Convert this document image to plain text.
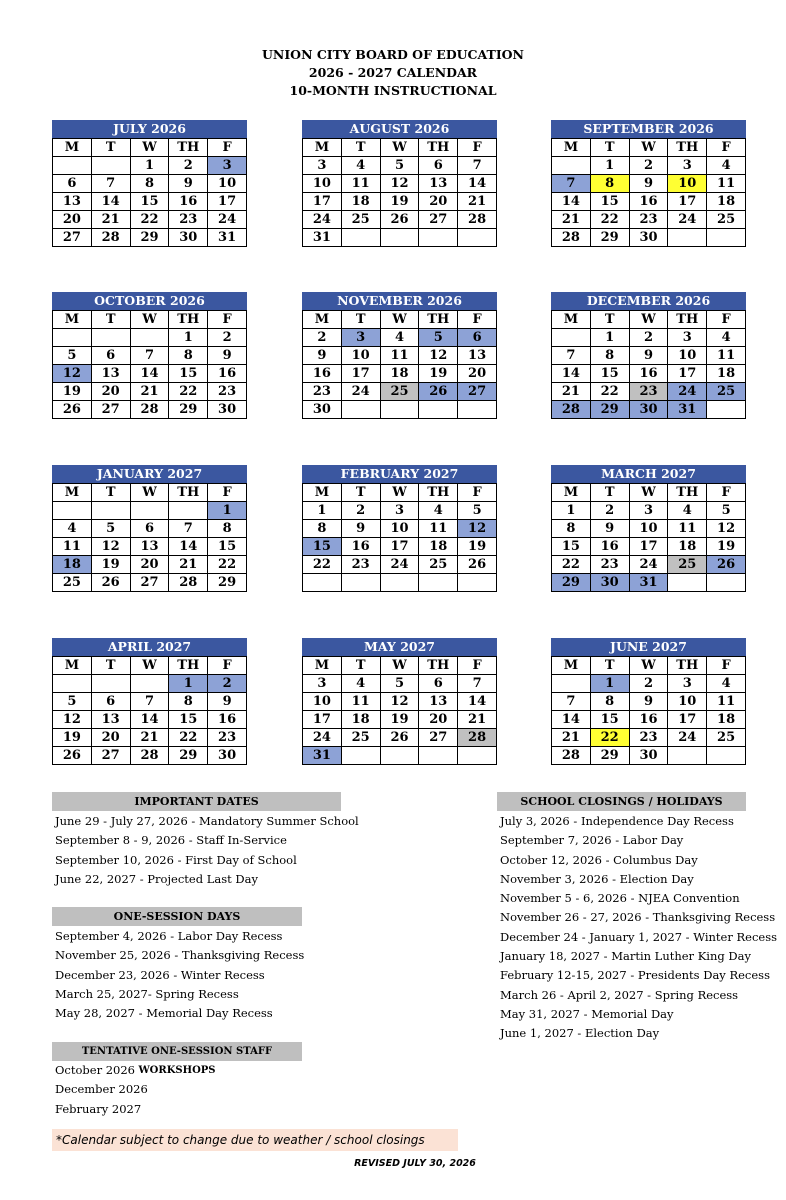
UNION CITY BOARD OF EDUCATION
2026 - 2027 CALENDAR
10-MONTH INSTRUCTIONAL
JULY 2026
M	T	W	TH	F
		1	2	3
6	7	8	9	10
13	14	15	16	17
20	21	22	23	24
27	28	29	30	31
AUGUST 2026
M	T	W	TH	F
3	4	5	6	7
10	11	12	13	14
17	18	19	20	21
24	25	26	27	28
31				
SEPTEMBER 2026
M	T	W	TH	F
	1	2	3	4
7	8	9	10	11
14	15	16	17	18
21	22	23	24	25
28	29	30		
OCTOBER 2026
M	T	W	TH	F
			1	2
5	6	7	8	9
12	13	14	15	16
19	20	21	22	23
26	27	28	29	30
NOVEMBER 2026
M	T	W	TH	F
2	3	4	5	6
9	10	11	12	13
16	17	18	19	20
23	24	25	26	27
30				
DECEMBER 2026
M	T	W	TH	F
	1	2	3	4
7	8	9	10	11
14	15	16	17	18
21	22	23	24	25
28	29	30	31	
JANUARY 2027
M	T	W	TH	F
				1
4	5	6	7	8
11	12	13	14	15
18	19	20	21	22
25	26	27	28	29
FEBRUARY 2027
M	T	W	TH	F
1	2	3	4	5
8	9	10	11	12
15	16	17	18	19
22	23	24	25	26

MARCH 2027
M	T	W	TH	F
1	2	3	4	5
8	9	10	11	12
15	16	17	18	19
22	23	24	25	26
29	30	31		
APRIL 2027
M	T	W	TH	F
			1	2
5	6	7	8	9
12	13	14	15	16
19	20	21	22	23
26	27	28	29	30
MAY 2027
M	T	W	TH	F
3	4	5	6	7
10	11	12	13	14
17	18	19	20	21
24	25	26	27	28
31				
JUNE 2027
M	T	W	TH	F
	1	2	3	4
7	8	9	10	11
14	15	16	17	18
21	22	23	24	25
28	29	30		
IMPORTANT DATES
June 29 - July 27, 2026 - Mandatory Summer School
September 8 - 9, 2026 - Staff In-Service
September 10, 2026 - First Day of School
June 22, 2027 - Projected Last Day
ONE-SESSION DAYS
September 4, 2026 - Labor Day Recess
November 25, 2026 - Thanksgiving Recess
December 23, 2026 - Winter Recess
March 25, 2027- Spring Recess
May 28, 2027 - Memorial Day Recess
TENTATIVE ONE-SESSION STAFF WORKSHOPS
October 2026
December 2026
February 2027
SCHOOL CLOSINGS / HOLIDAYS
July 3, 2026 - Independence Day Recess
September 7, 2026 - Labor Day
October 12, 2026 - Columbus Day
November 3, 2026 - Election Day
November 5 - 6, 2026 - NJEA Convention
November 26 - 27, 2026 - Thanksgiving Recess
December 24 - January 1, 2027 - Winter Recess
January 18, 2027 - Martin Luther King Day
February 12-15, 2027 - Presidents Day Recess
March 26 - April 2, 2027 - Spring Recess
May 31, 2027 - Memorial Day
June 1, 2027 - Election Day
*Calendar subject to change due to weather / school closings
REVISED JULY 30, 2026
